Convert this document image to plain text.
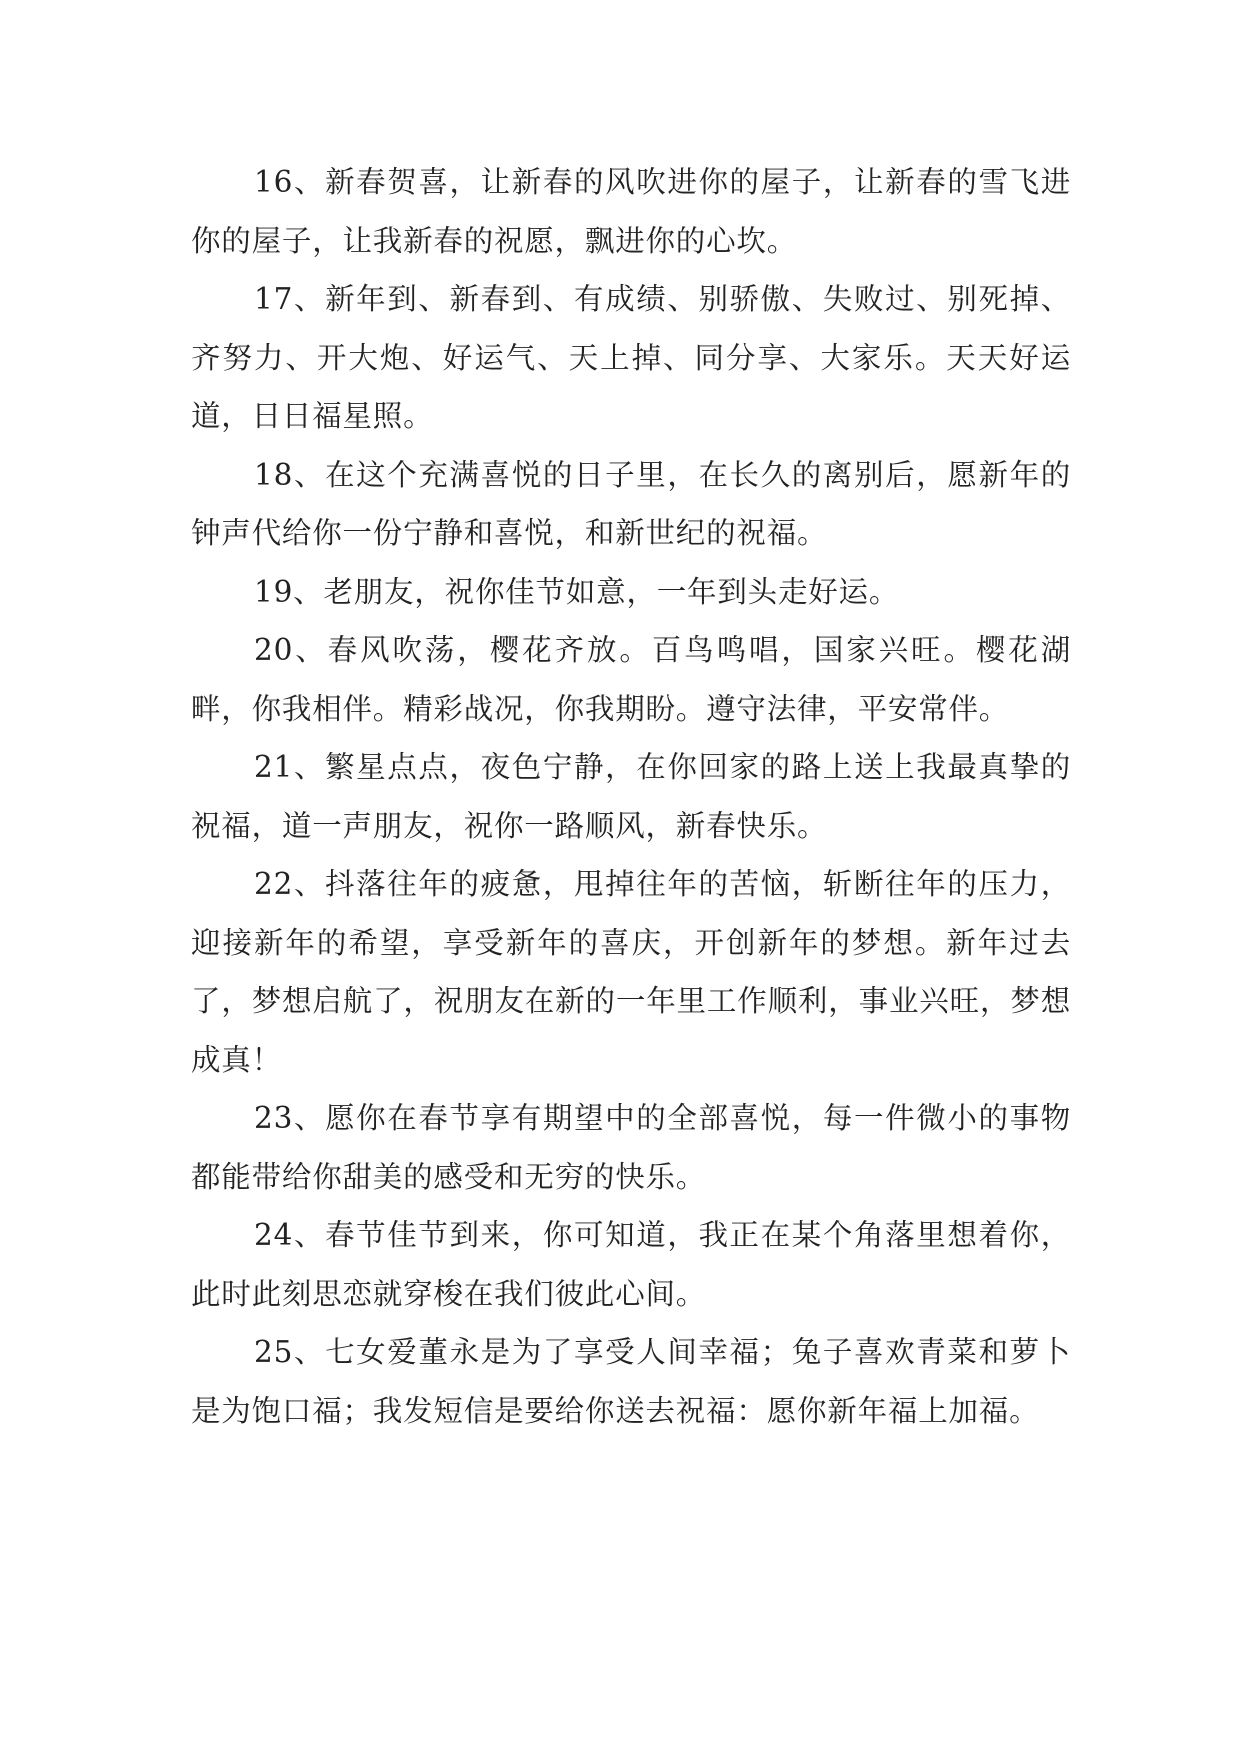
16、新春贺喜，让新春的风吹进你的屋子，让新春的雪飞进你的屋子，让我新春的祝愿，飘进你的心坎。

17、新年到、新春到、有成绩、别骄傲、失败过、别死掉、齐努力、开大炮、好运气、天上掉、同分享、大家乐。天天好运道，日日福星照。

18、在这个充满喜悦的日子里，在长久的离别后，愿新年的钟声代给你一份宁静和喜悦，和新世纪的祝福。

19、老朋友，祝你佳节如意，一年到头走好运。

20、春风吹荡，樱花齐放。百鸟鸣唱，国家兴旺。樱花湖畔，你我相伴。精彩战况，你我期盼。遵守法律，平安常伴。

21、繁星点点，夜色宁静，在你回家的路上送上我最真挚的祝福，道一声朋友，祝你一路顺风，新春快乐。

22、抖落往年的疲惫，甩掉往年的苦恼，斩断往年的压力，迎接新年的希望，享受新年的喜庆，开创新年的梦想。新年过去了，梦想启航了，祝朋友在新的一年里工作顺利，事业兴旺，梦想成真！

23、愿你在春节享有期望中的全部喜悦，每一件微小的事物都能带给你甜美的感受和无穷的快乐。

24、春节佳节到来，你可知道，我正在某个角落里想着你，此时此刻思恋就穿梭在我们彼此心间。

25、七女爱董永是为了享受人间幸福；兔子喜欢青菜和萝卜是为饱口福；我发短信是要给你送去祝福：愿你新年福上加福。
